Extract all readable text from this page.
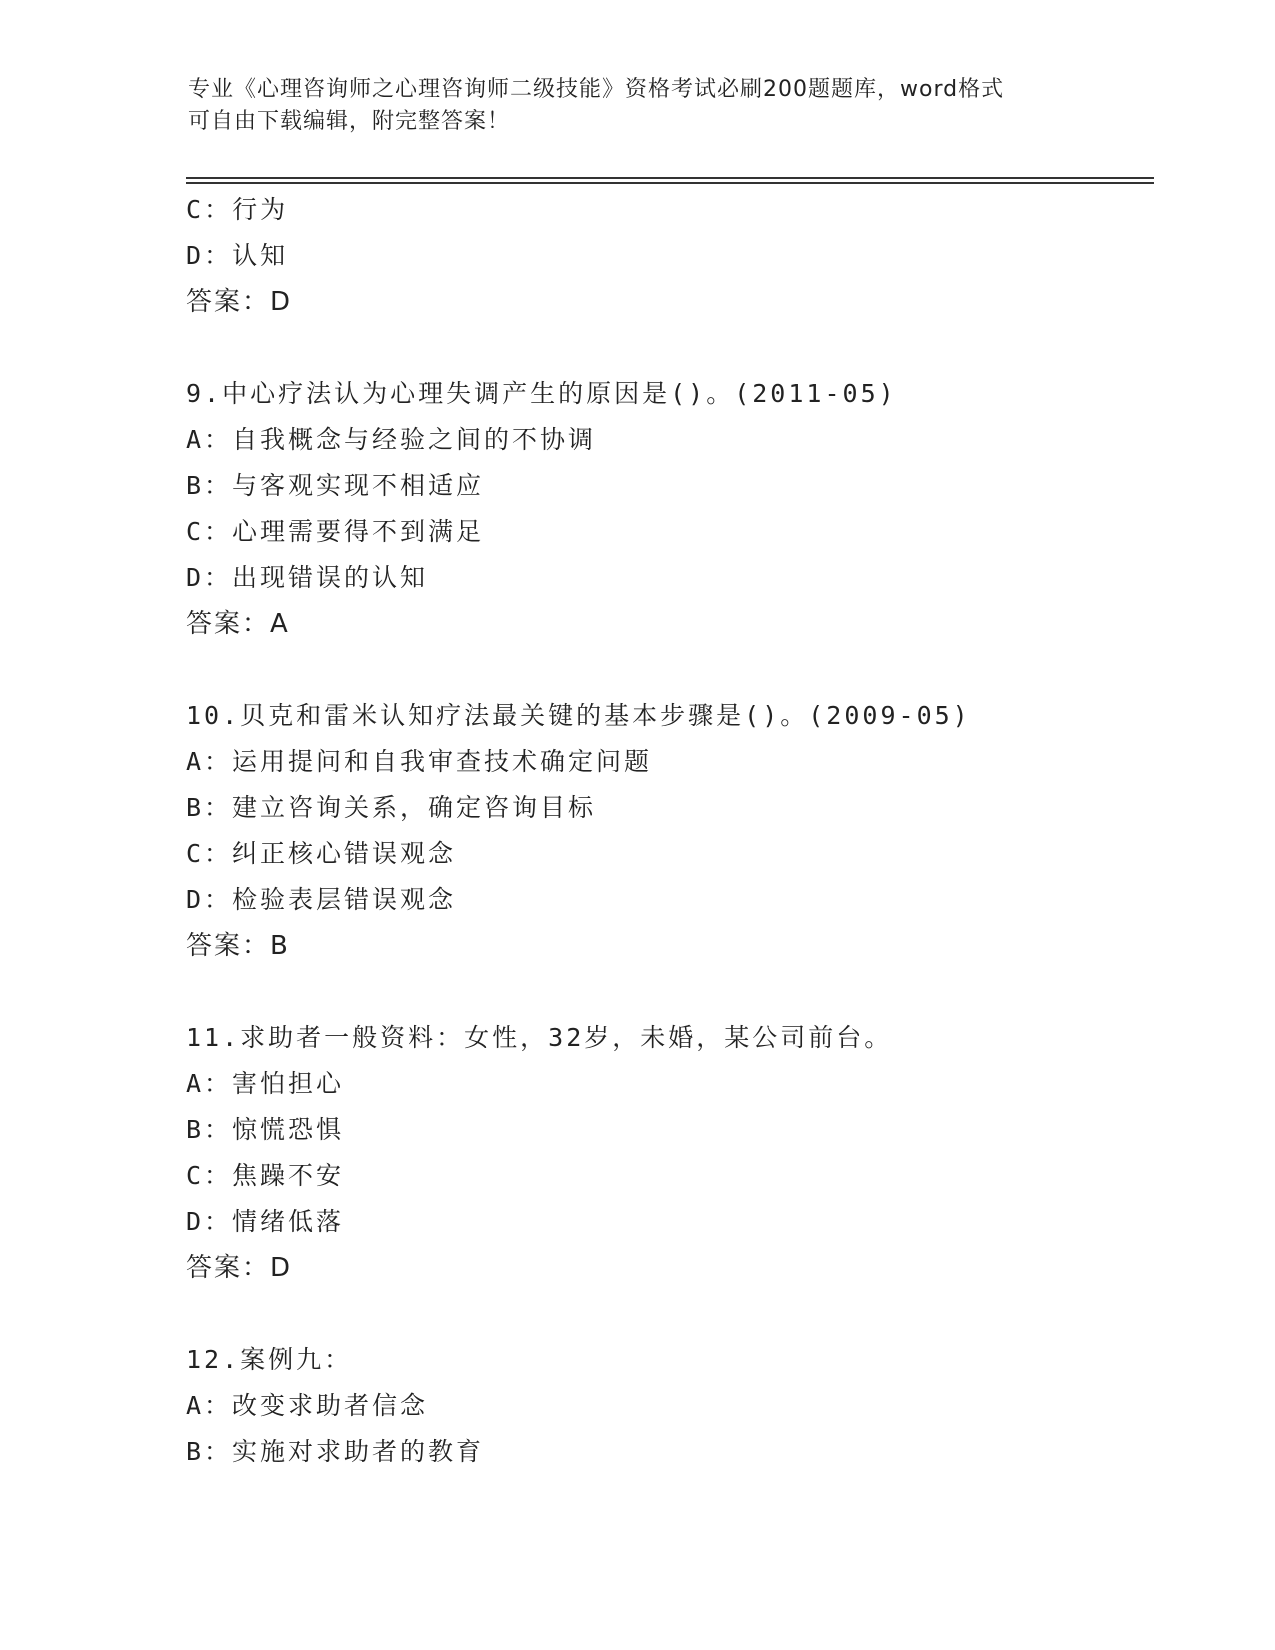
专业《心理咨询师之心理咨询师二级技能》资格考试必刷200题题库，word格式
可自由下载编辑，附完整答案！
C：行为
D：认知
答案：D
9.中心疗法认为心理失调产生的原因是()。(2011-05)
A：自我概念与经验之间的不协调
B：与客观实现不相适应
C：心理需要得不到满足
D：出现错误的认知
答案：A
10.贝克和雷米认知疗法最关键的基本步骤是()。(2009-05)
A：运用提问和自我审查技术确定问题
B：建立咨询关系，确定咨询目标
C：纠正核心错误观念
D：检验表层错误观念
答案：B
11.求助者一般资料：女性，32岁，未婚，某公司前台。
A：害怕担心
B：惊慌恐惧
C：焦躁不安
D：情绪低落
答案：D
12.案例九：
A：改变求助者信念
B：实施对求助者的教育
